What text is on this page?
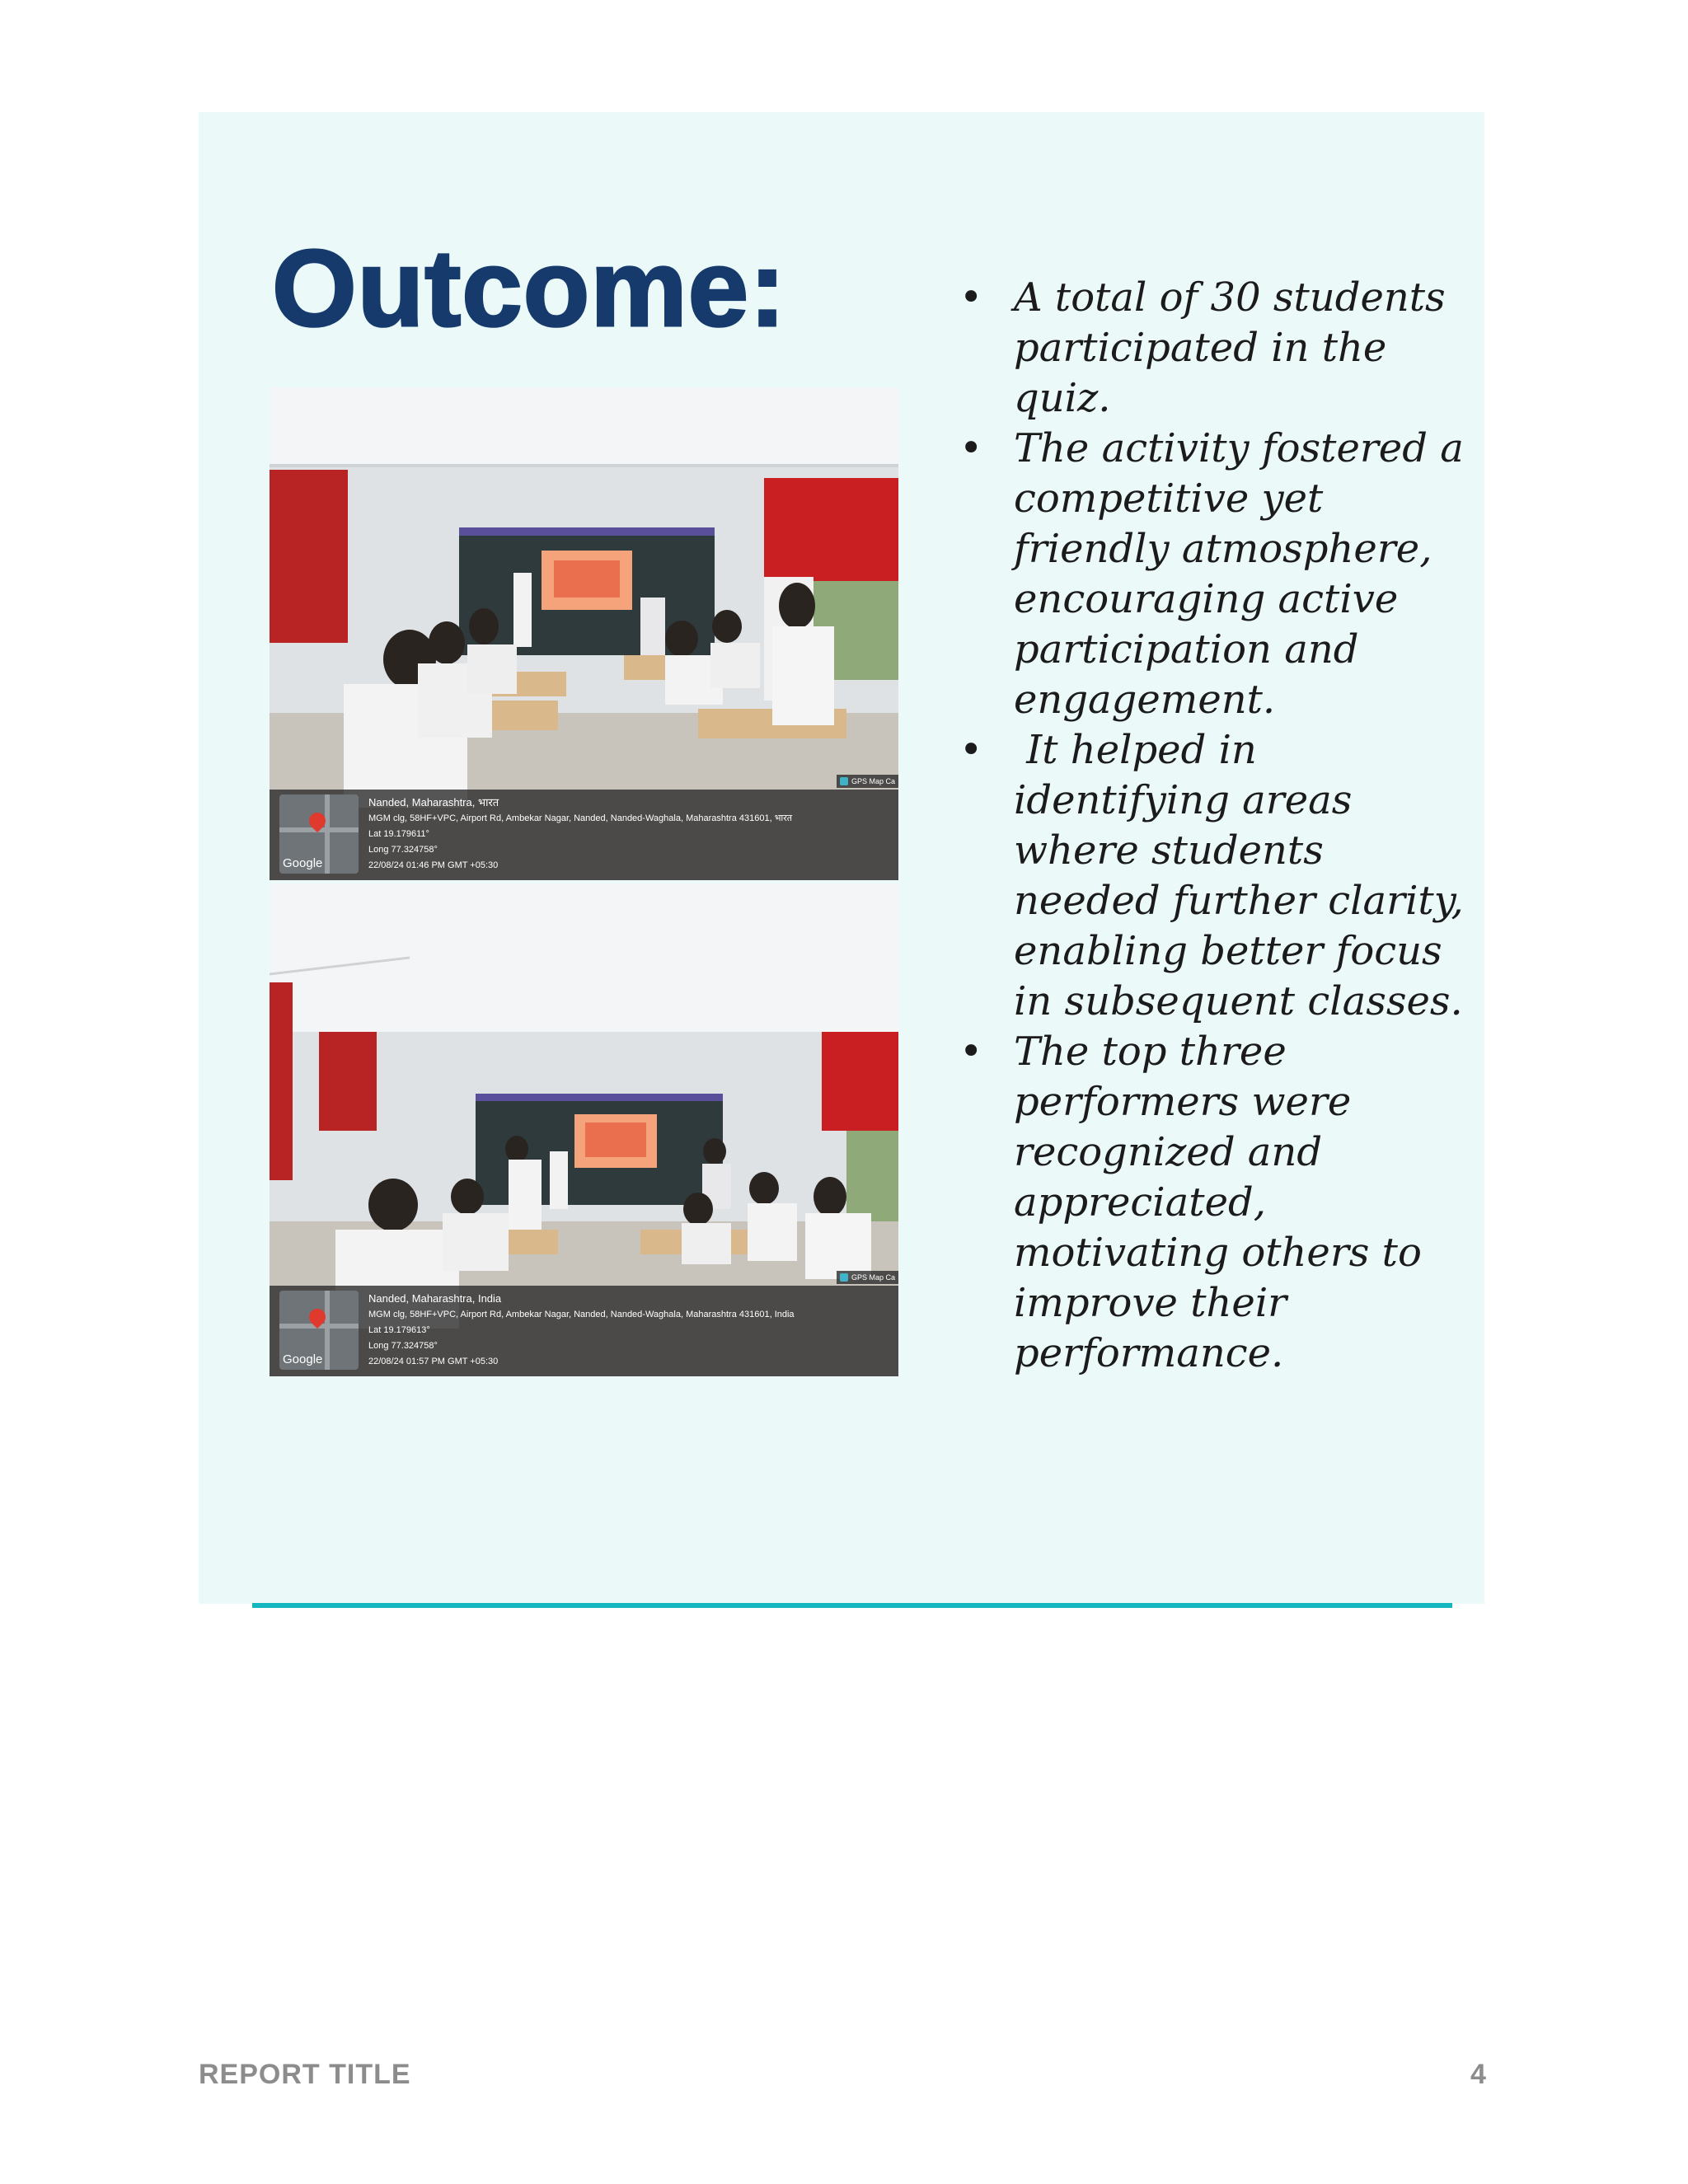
Outcome:
GPS Map Ca
Google
Nanded, Maharashtra, भारत
MGM clg, 58HF+VPC, Airport Rd, Ambekar Nagar, Nanded, Nanded-Waghala, Maharashtra 431601, भारत
Lat 19.179611°
Long 77.324758°
22/08/24 01:46 PM GMT +05:30
GPS Map Ca
Google
Nanded, Maharashtra, India
MGM clg, 58HF+VPC, Airport Rd, Ambekar Nagar, Nanded, Nanded-Waghala, Maharashtra 431601, India
Lat 19.179613°
Long 77.324758°
22/08/24 01:57 PM GMT +05:30
• A total of 30 students participated in the quiz.
• The activity fostered a competitive yet friendly atmosphere, encouraging active participation and engagement.
• It helped in identifying areas where students needed further clarity, enabling better focus in subsequent classes.
• The top three performers were recognized and appreciated, motivating others to improve their performance.
REPORT TITLE	4
